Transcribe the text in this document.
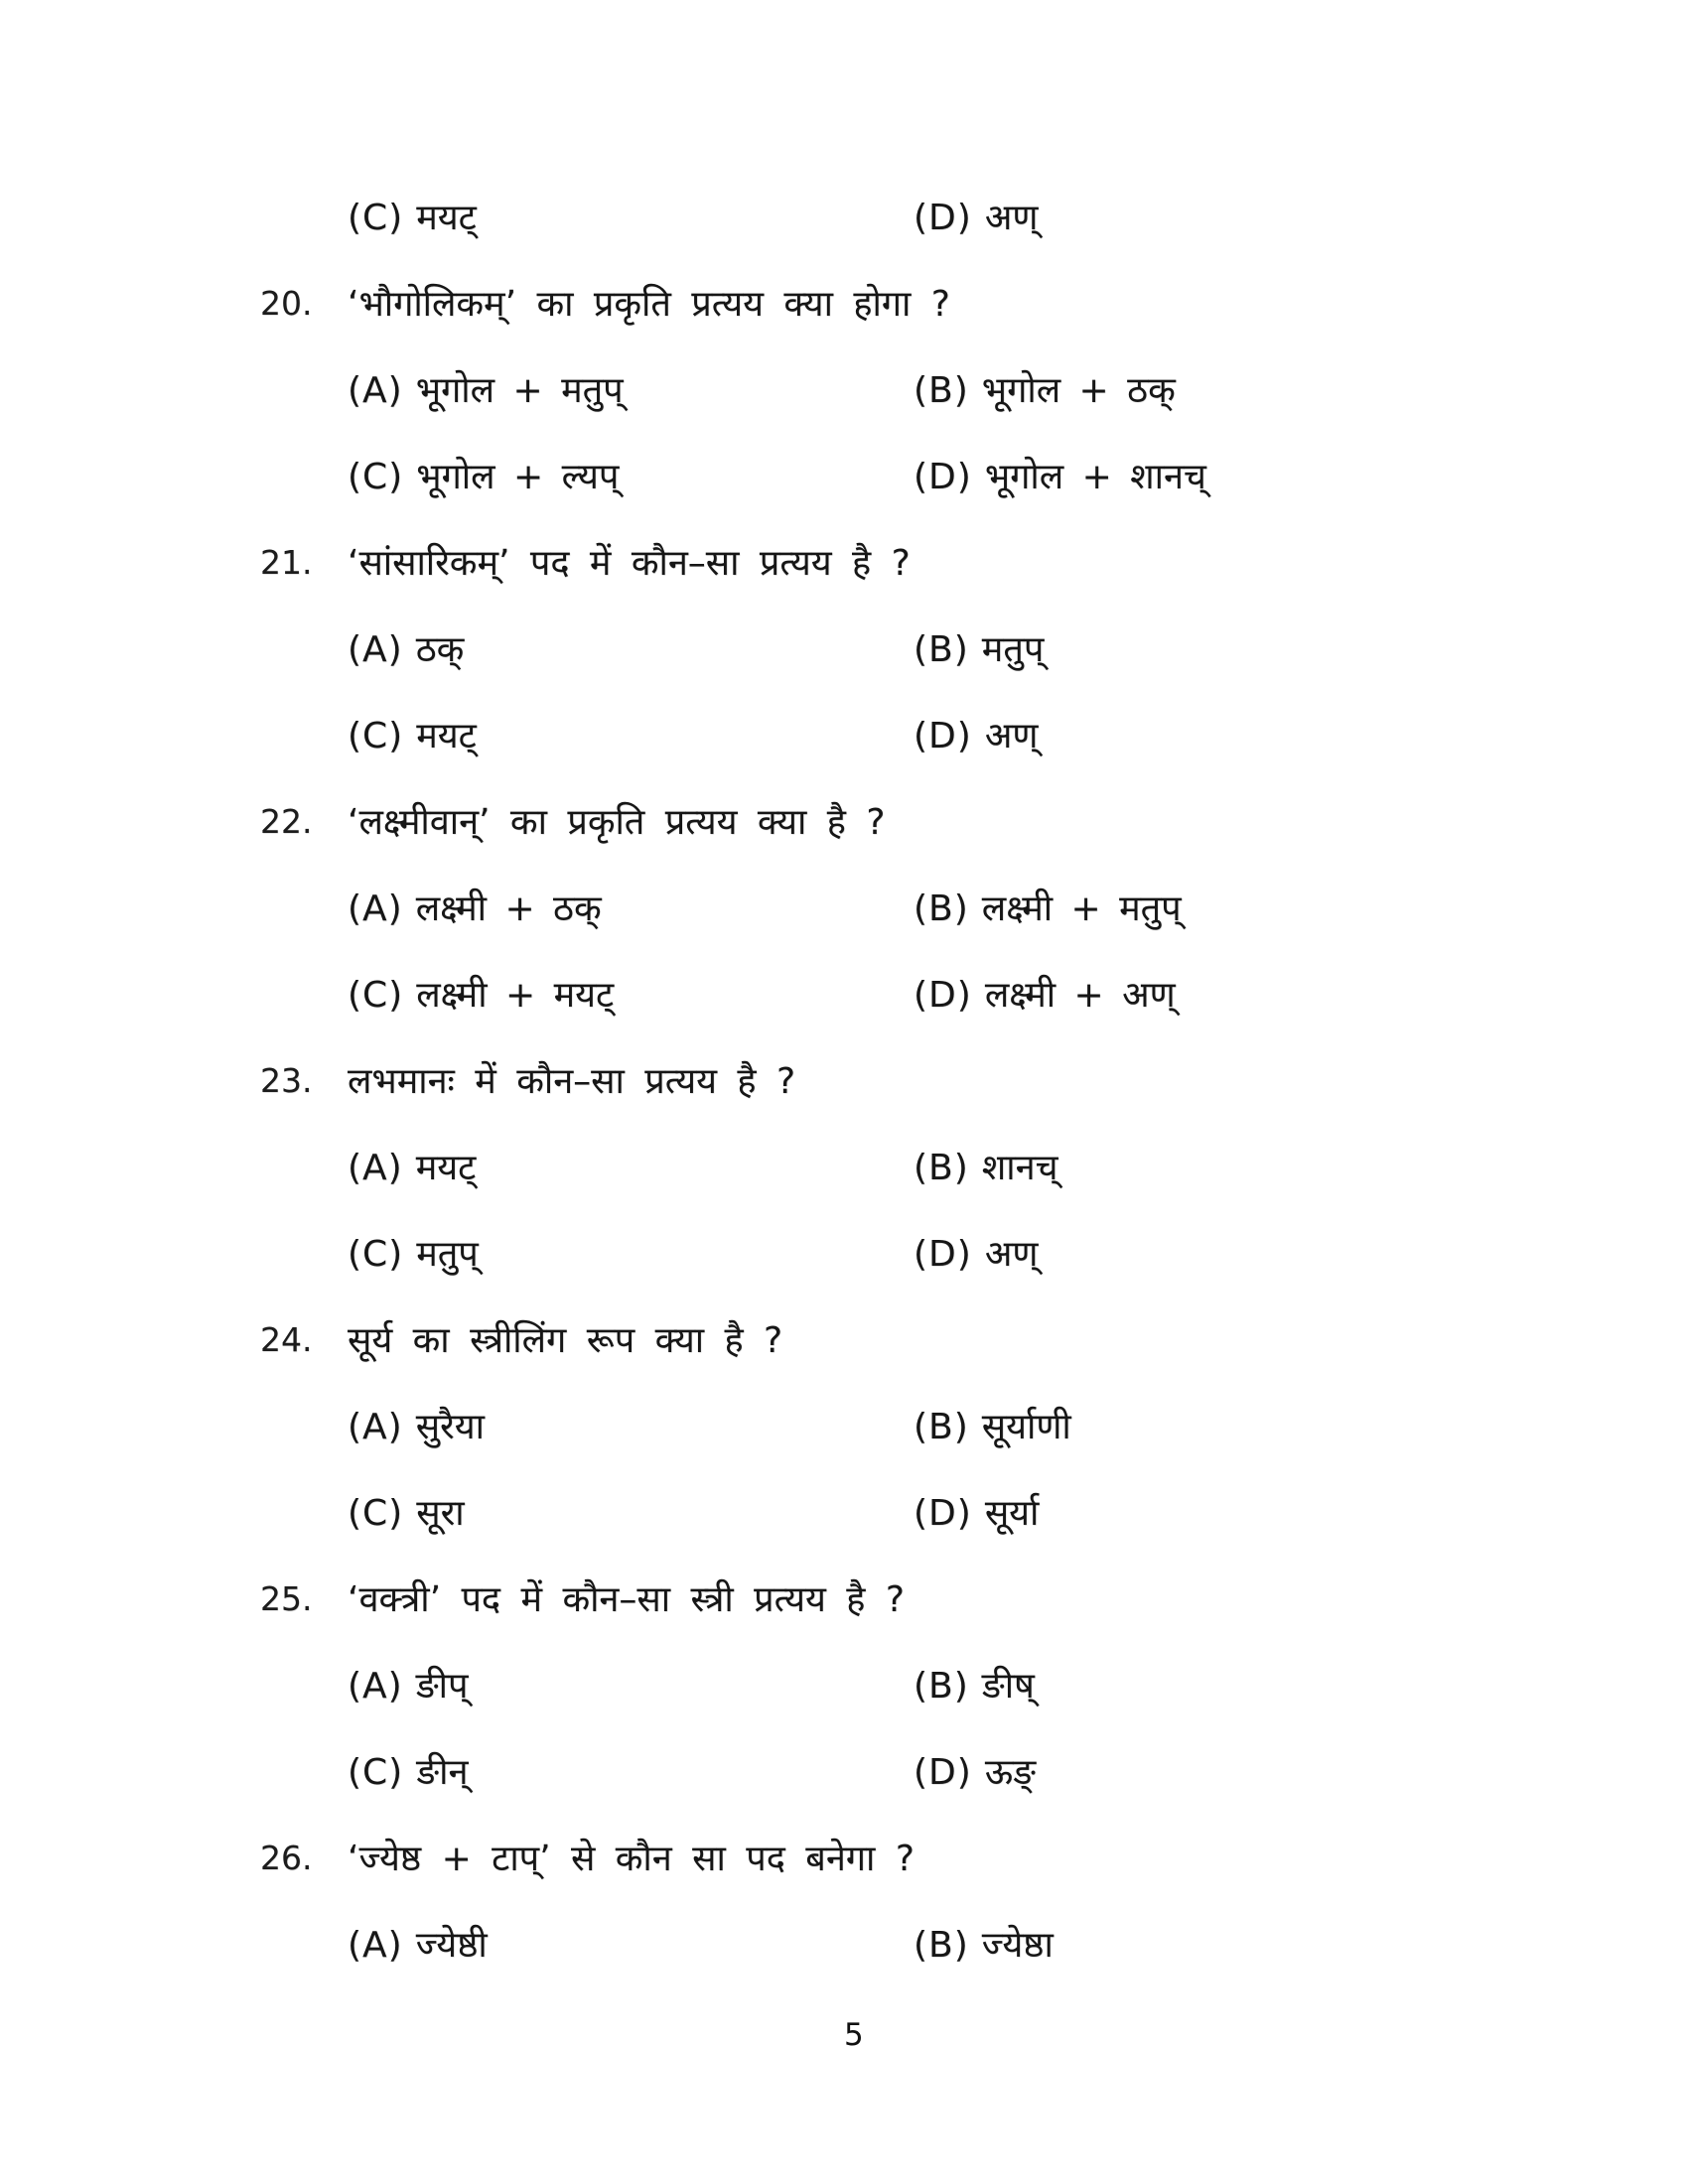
(C) मयट्	(D) अण्
20. ‘भौगोलिकम्’ का प्रकृति प्रत्यय क्या होगा ?
(A) भूगोल + मतुप्	(B) भूगोल + ठक्
(C) भूगोल + ल्यप्	(D) भूगोल + शानच्
21. ‘सांसारिकम्’ पद में कौन–सा प्रत्यय है ?
(A) ठक्	(B) मतुप्
(C) मयट्	(D) अण्
22. ‘लक्ष्मीवान्’ का प्रकृति प्रत्यय क्या है ?
(A) लक्ष्मी + ठक्	(B) लक्ष्मी + मतुप्
(C) लक्ष्मी + मयट्	(D) लक्ष्मी + अण्
23. लभमानः में कौन–सा प्रत्यय है ?
(A) मयट्	(B) शानच्
(C) मतुप्	(D) अण्
24. सूर्य का स्त्रीलिंग रूप क्या है ?
(A) सुरैया	(B) सूर्याणी
(C) सूरा	(D) सूर्या
25. ‘वक्त्री’ पद में कौन–सा स्त्री प्रत्यय है ?
(A) ङीप्	(B) ङीष्
(C) ङीन्	(D) ऊङ्
26. ‘ज्येष्ठ + टाप्’ से कौन सा पद बनेगा ?
(A) ज्येष्ठी	(B) ज्येष्ठा
5
